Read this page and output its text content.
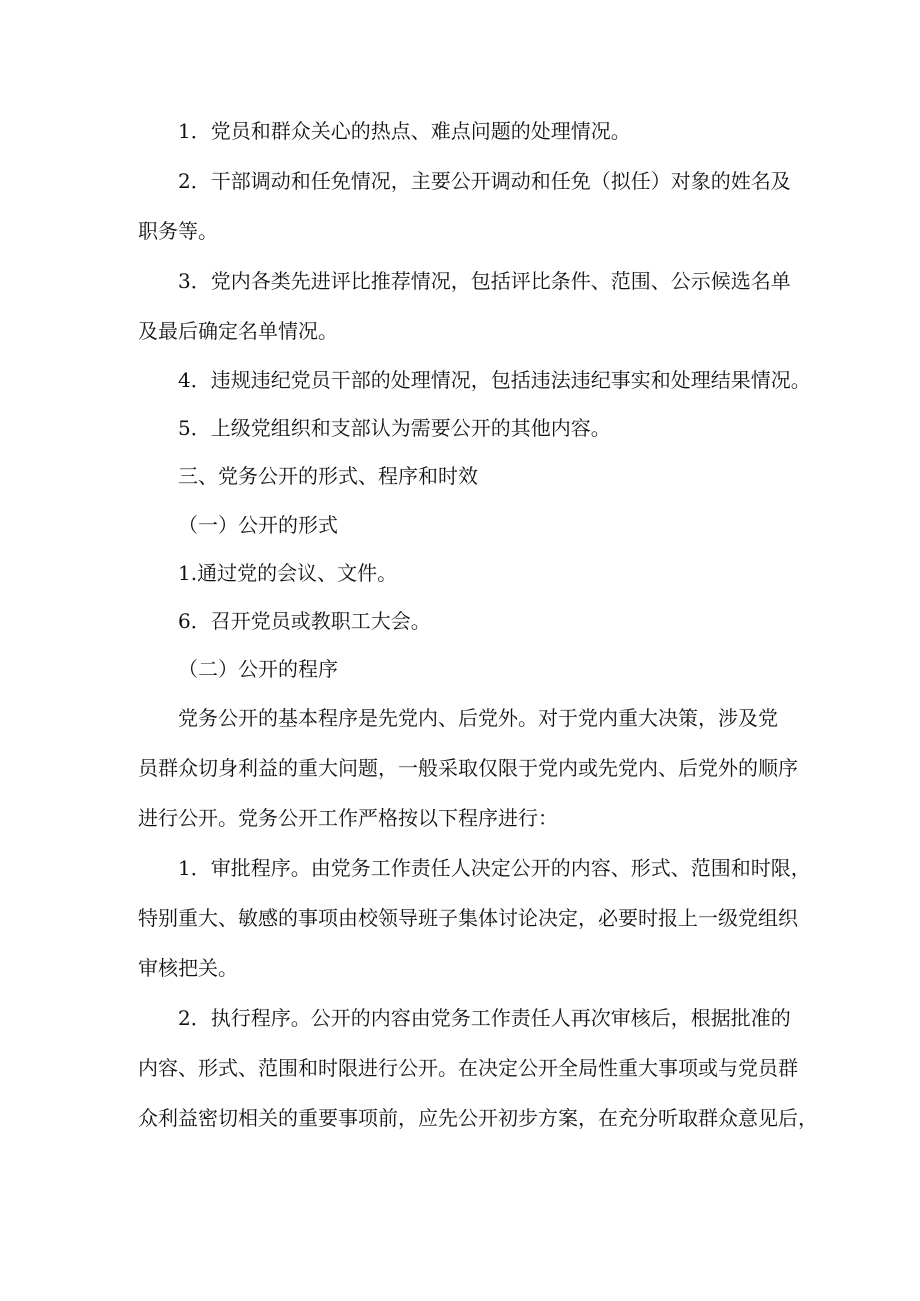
1．党员和群众关心的热点、难点问题的处理情况。
2．干部调动和任免情况，主要公开调动和任免（拟任）对象的姓名及
职务等。
3．党内各类先进评比推荐情况，包括评比条件、范围、公示候选名单
及最后确定名单情况。
4．违规违纪党员干部的处理情况，包括违法违纪事实和处理结果情况。
5．上级党组织和支部认为需要公开的其他内容。
三、党务公开的形式、程序和时效
（一）公开的形式
1.通过党的会议、文件。
6．召开党员或教职工大会。
（二）公开的程序
党务公开的基本程序是先党内、后党外。对于党内重大决策，涉及党
员群众切身利益的重大问题，一般采取仅限于党内或先党内、后党外的顺序
进行公开。党务公开工作严格按以下程序进行：
1．审批程序。由党务工作责任人决定公开的内容、形式、范围和时限，
特别重大、敏感的事项由校领导班子集体讨论决定，必要时报上一级党组织
审核把关。
2．执行程序。公开的内容由党务工作责任人再次审核后，根据批准的
内容、形式、范围和时限进行公开。在决定公开全局性重大事项或与党员群
众利益密切相关的重要事项前，应先公开初步方案，在充分听取群众意见后，
